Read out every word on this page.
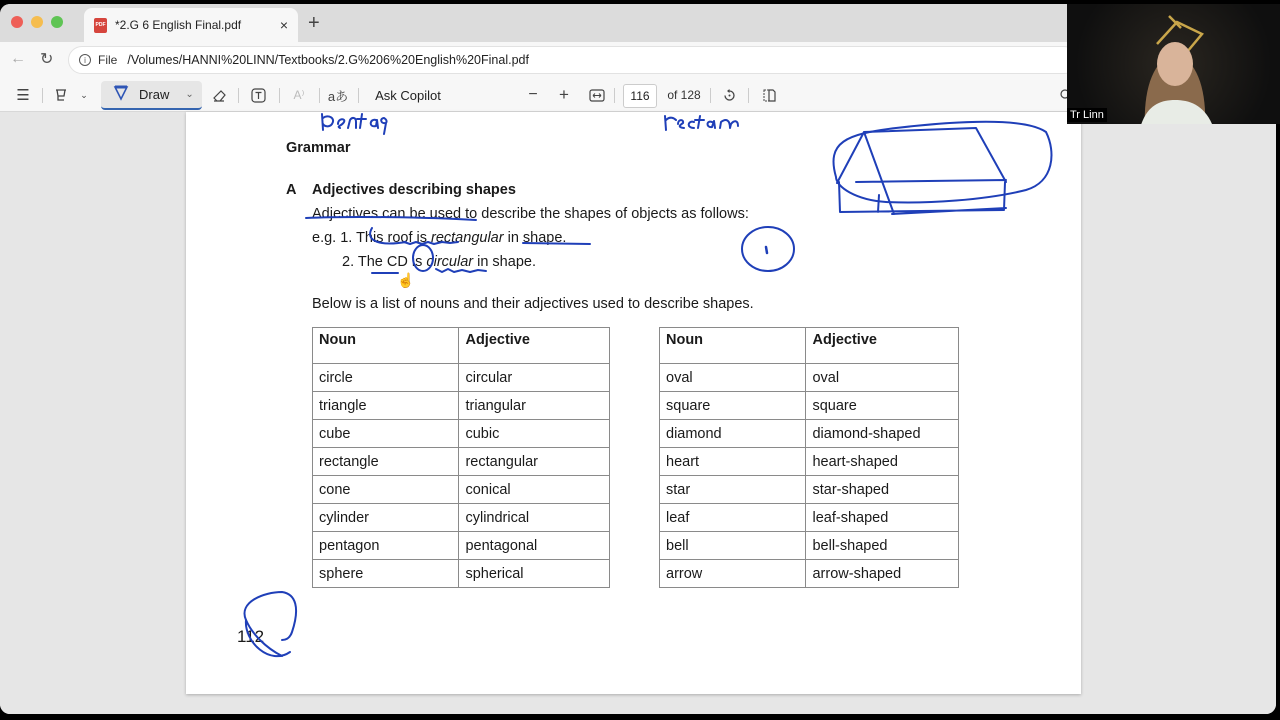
PDF *2.G 6 English Final.pdf	× +
← ↻	i	File /Volumes/HANNI%20LINN/Textbooks/2.G%206%20English%20Final.pdf
☰	⌄	Draw ⌄	A⁾	aあ	Ask Copilot	− +	116	of 128
Grammar
A Adjectives describing shapes
Adjectives can be used to describe the shapes of objects as follows:
e.g. 1. This roof is rectangular in shape.
2. The CD is circular in shape.
Below is a list of nouns and their adjectives used to describe shapes.
Noun	Adjective
circle	circular
triangle	triangular
cube	cubic
rectangle	rectangular
cone	conical
cylinder	cylindrical
pentagon	pentagonal
sphere	spherical
Noun	Adjective
oval	oval
square	square
diamond	diamond-shaped
heart	heart-shaped
star	star-shaped
leaf	leaf-shaped
bell	bell-shaped
arrow	arrow-shaped
112
☝
Tr Linn
